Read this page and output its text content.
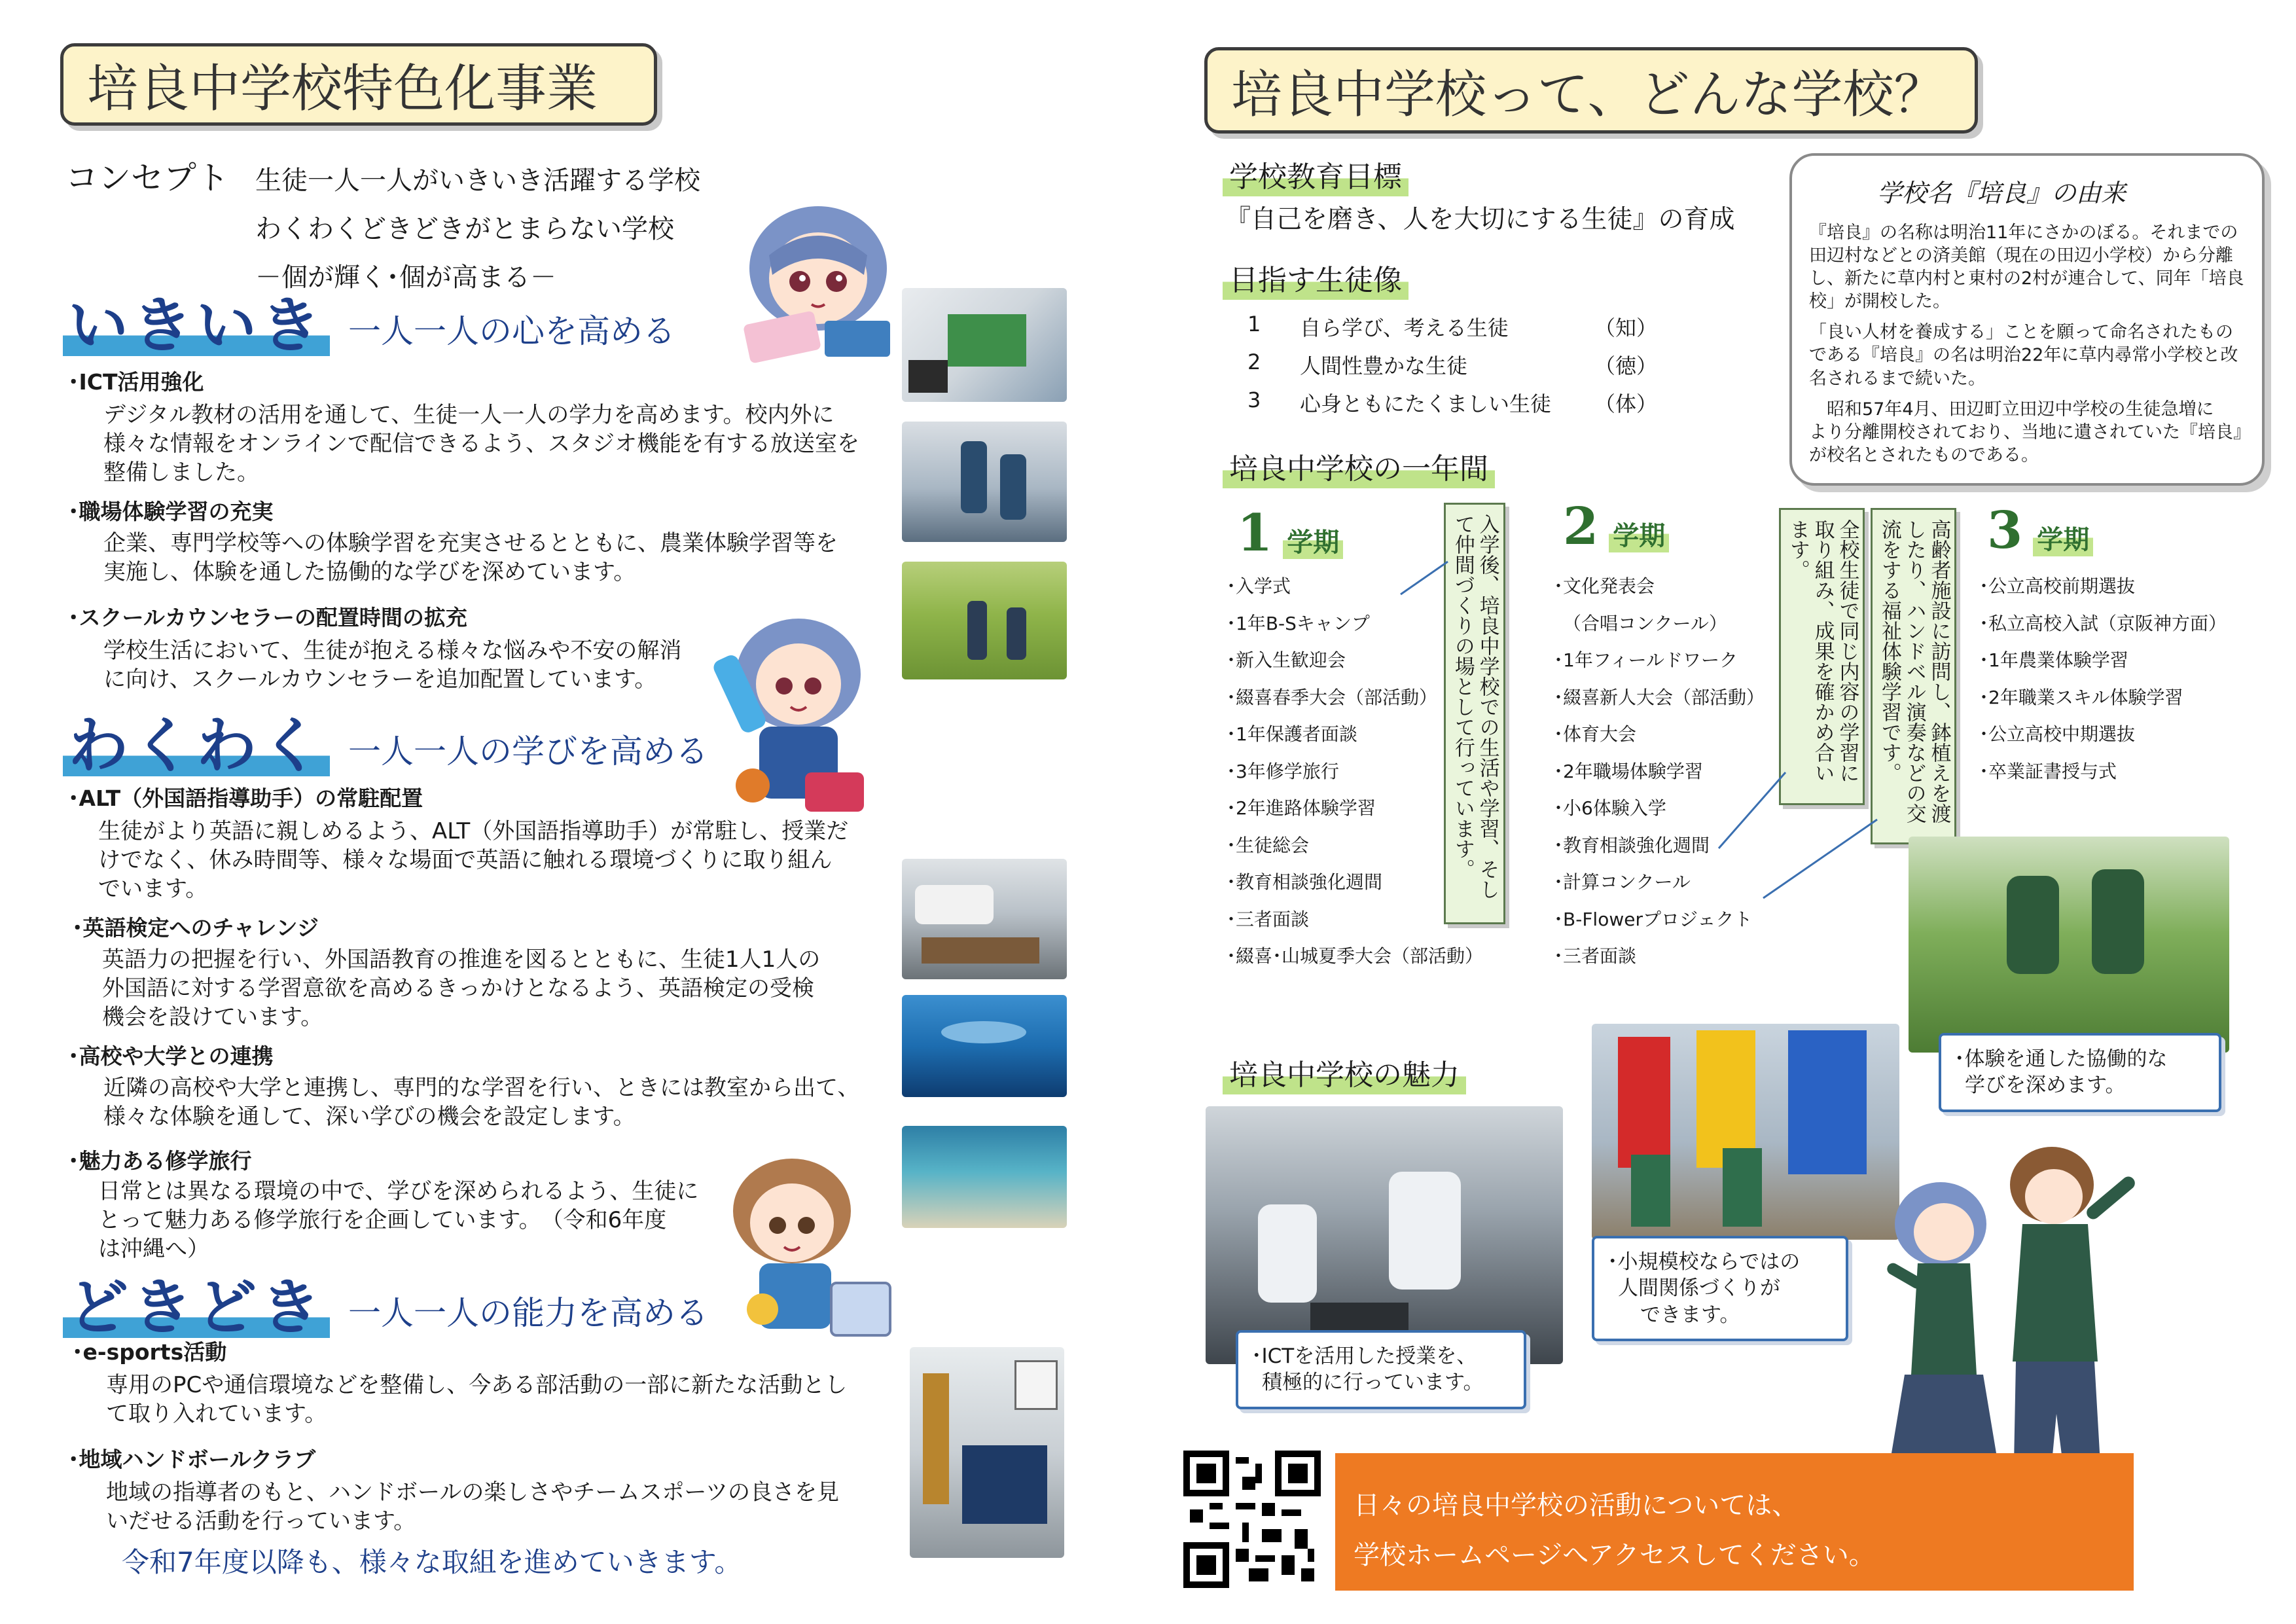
培良中学校特色化事業
コンセプト 生徒一人一人がいきいき活躍する学校
わくわくどきどきがとまらない学校
－個が輝く･個が高まる－
いきいき 一人一人の心を高める
･ICT活用強化
デジタル教材の活用を通して、生徒一人一人の学力を高めます。校内外に
様々な情報をオンラインで配信できるよう、スタジオ機能を有する放送室を
整備しました。
･職場体験学習の充実
企業、専門学校等への体験学習を充実させるとともに、農業体験学習等を
実施し、体験を通した協働的な学びを深めています。
･スクールカウンセラーの配置時間の拡充
学校生活において、生徒が抱える様々な悩みや不安の解消
に向け、スクールカウンセラーを追加配置しています。
わくわく 一人一人の学びを高める
･ALT（外国語指導助手）の常駐配置
生徒がより英語に親しめるよう、ALT（外国語指導助手）が常駐し、授業だ
けでなく、休み時間等、様々な場面で英語に触れる環境づくりに取り組ん
でいます。
･英語検定へのチャレンジ
英語力の把握を行い、外国語教育の推進を図るとともに、生徒1人1人の
外国語に対する学習意欲を高めるきっかけとなるよう、英語検定の受検
機会を設けています。
･高校や大学との連携
近隣の高校や大学と連携し、専門的な学習を行い、ときには教室から出て、
様々な体験を通して、深い学びの機会を設定します。
･魅力ある修学旅行
日常とは異なる環境の中で、学びを深められるよう、生徒に
とって魅力ある修学旅行を企画しています。　（令和6年度
は沖縄へ）
どきどき 一人一人の能力を高める
･e-sports活動
専用のPCや通信環境などを整備し、今ある部活動の一部に新たな活動とし
て取り入れています。
･地域ハンドボールクラブ
地域の指導者のもと、ハンドボールの楽しさやチームスポーツの良さを見
いだせる活動を行っています。
令和7年度以降も、様々な取組を進めていきます。
培良中学校って、どんな学校？
学校教育目標
『自己を磨き、人を大切にする生徒』の育成
目指す生徒像
1	自ら学び、考える生徒	（知）
2	人間性豊かな生徒	（徳）
3	心身ともにたくましい生徒	（体）
学校名『培良』の由来
『培良』の名称は明治11年にさかのぼる。それまでの
田辺村などとの済美館（現在の田辺小学校）から分離
し、新たに草内村と東村の2村が連合して、同年「培良
校」が開校した。
「良い人材を養成する」ことを願って命名されたもの
である『培良』の名は明治22年に草内尋常小学校と改
名されるまで続いた。
　昭和57年4月、田辺町立田辺中学校の生徒急増に
より分離開校されており、当地に遺されていた『培良』
が校名とされたものである。
培良中学校の一年間
1 学期
･入学式
･1年B-Sキャンプ
･新入生歓迎会
･綴喜春季大会（部活動）
･1年保護者面談
･3年修学旅行
･2年進路体験学習
･生徒総会
･教育相談強化週間
･三者面談
･綴喜･山城夏季大会（部活動）
入学後、培良中学校での生活や学習、そして仲間づくりの場として行っています。	2 学期
･文化発表会
　（合唱コンクール）
･1年フィールドワーク
･綴喜新人大会（部活動）
･体育大会
･2年職場体験学習
･小6体験入学
･教育相談強化週間
･計算コンクール
･B-Flowerプロジェクト
･三者面談
全校生徒で同じ内容の学習に取り組み、成果を確かめ合います。	高齢者施設に訪問し、鉢植えを渡したり、ハンドベル演奏などの交流をする福祉体験学習です。	3 学期
･公立高校前期選抜
･私立高校入試（京阪神方面）
･1年農業体験学習
･2年職業スキル体験学習
･公立高校中期選抜
･卒業証書授与式
培良中学校の魅力
･ICTを活用した授業を、
積極的に行っています。
･小規模校ならではの
人間関係づくりが
できます。
･体験を通した協働的な
学びを深めます。
日々の培良中学校の活動については、
学校ホームページへアクセスしてください。
